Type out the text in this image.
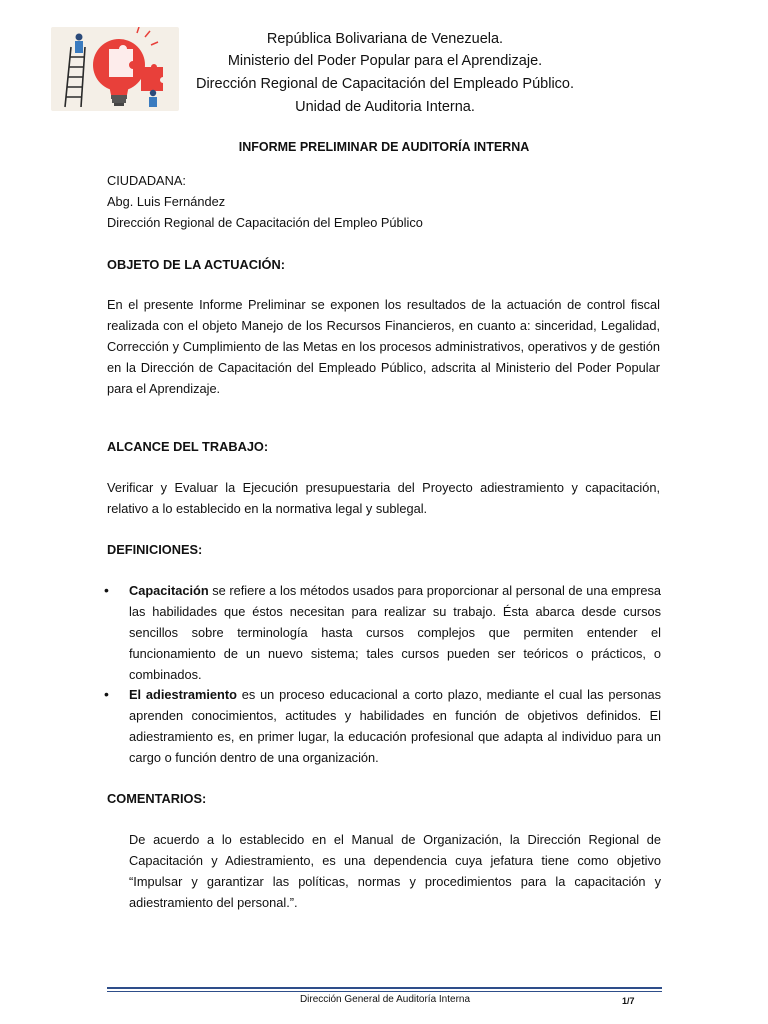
República Bolivariana de Venezuela.
Ministerio del Poder Popular para el Aprendizaje.
Dirección Regional de Capacitación del Empleado Público.
Unidad de Auditoria Interna.
INFORME PRELIMINAR DE AUDITORÍA INTERNA
CIUDADANA:
Abg. Luis Fernández
Dirección Regional de Capacitación del Empleo Público
OBJETO DE LA ACTUACIÓN:
En el presente Informe Preliminar se exponen los resultados de la actuación de control fiscal realizada con el objeto Manejo de los Recursos Financieros, en cuanto a: sinceridad, Legalidad, Corrección y Cumplimiento de las Metas en los procesos administrativos, operativos y de gestión en la Dirección de Capacitación del Empleado Público, adscrita al Ministerio del Poder Popular para el Aprendizaje.
ALCANCE DEL TRABAJO:
Verificar y Evaluar la Ejecución presupuestaria del Proyecto adiestramiento y capacitación, relativo a lo establecido en la normativa legal y sublegal.
DEFINICIONES:
• Capacitación se refiere a los métodos usados para proporcionar al personal de una empresa las habilidades que éstos necesitan para realizar su trabajo. Ésta abarca desde cursos sencillos sobre terminología hasta cursos complejos que permiten entender el funcionamiento de un nuevo sistema; tales cursos pueden ser teóricos o prácticos, o combinados.
• El adiestramiento es un proceso educacional a corto plazo, mediante el cual las personas aprenden conocimientos, actitudes y habilidades en función de objetivos definidos. El adiestramiento es, en primer lugar, la educación profesional que adapta al individuo para un cargo o función dentro de una organización.
COMENTARIOS:
De acuerdo a lo establecido en el Manual de Organización, la Dirección Regional de Capacitación y Adiestramiento, es una dependencia cuya jefatura tiene como objetivo “Impulsar y garantizar las políticas, normas y procedimientos para la capacitación y adiestramiento del personal.”.
Dirección General de Auditoría Interna	1/7
